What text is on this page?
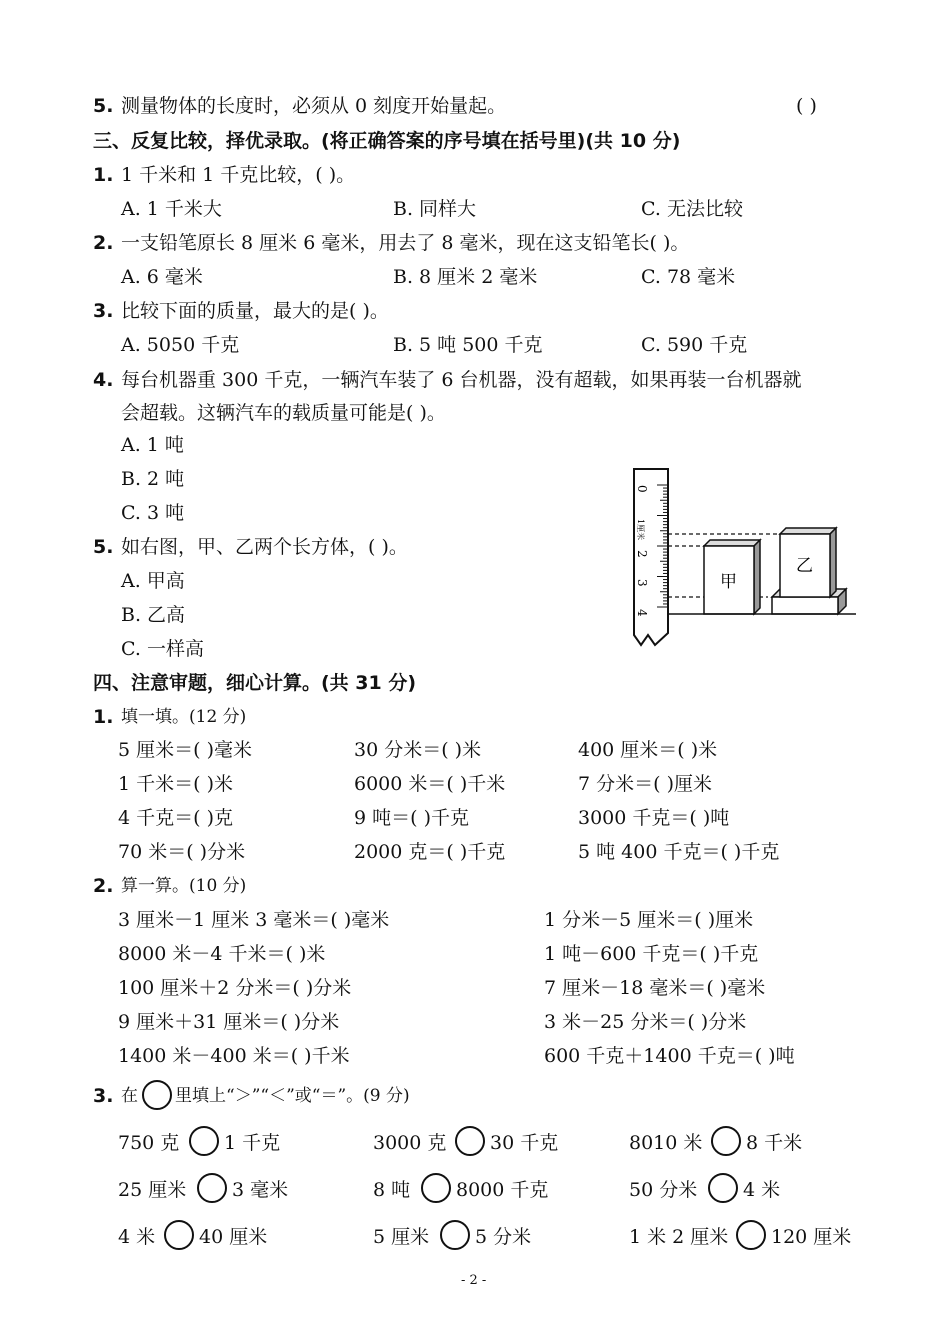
5. 测量物体的长度时，必须从 0 刻度开始量起。	( )
三、反复比较，择优录取。(将正确答案的序号填在括号里)(共 10 分)
1. 1 千米和 1 千克比较，( )。
A. 1 千米大	B. 同样大	C. 无法比较
2. 一支铅笔原长 8 厘米 6 毫米，用去了 8 毫米，现在这支铅笔长( )。
A. 6 毫米	B. 8 厘米 2 毫米	C. 78 毫米
3. 比较下面的质量，最大的是( )。
A. 5050 千克	B. 5 吨 500 千克	C. 590 千克
4. 每台机器重 300 千克，一辆汽车装了 6 台机器，没有超载，如果再装一台机器就
会超载。这辆汽车的载质量可能是( )。
A. 1 吨
B. 2 吨
C. 3 吨
5. 如右图，甲、乙两个长方体，( )。
A. 甲高
B. 乙高
C. 一样高
0
1厘米
2
3
4
甲
乙
四、注意审题，细心计算。(共 31 分)
1. 填一填。(12 分)
5 厘米＝( )毫米	30 分米＝( )米	400 厘米＝( )米
1 千米＝( )米	6000 米＝( )千米	7 分米＝( )厘米
4 千克＝( )克	9 吨＝( )千克	3000 千克＝( )吨
70 米＝( )分米	2000 克＝( )千克	5 吨 400 千克＝( )千克
2. 算一算。(10 分)
3 厘米－1 厘米 3 毫米＝( )毫米	1 分米－5 厘米＝( )厘米
8000 米－4 千米＝( )米	1 吨－600 千克＝( )千克
100 厘米＋2 分米＝( )分米	7 厘米－18 毫米＝( )毫米
9 厘米＋31 厘米＝( )分米	3 米－25 分米＝( )分米
1400 米－400 米＝( )千米	600 千克＋1400 千克＝( )吨
3. 在 里填上“＞”“＜”或“＝”。(9 分)
750 克 1 千克	3000 克 30 千克	8010 米 8 千米
25 厘米 3 毫米	8 吨 8000 千克	50 分米 4 米
4 米 40 厘米	5 厘米 5 分米	1 米 2 厘米 120 厘米
- 2 -
